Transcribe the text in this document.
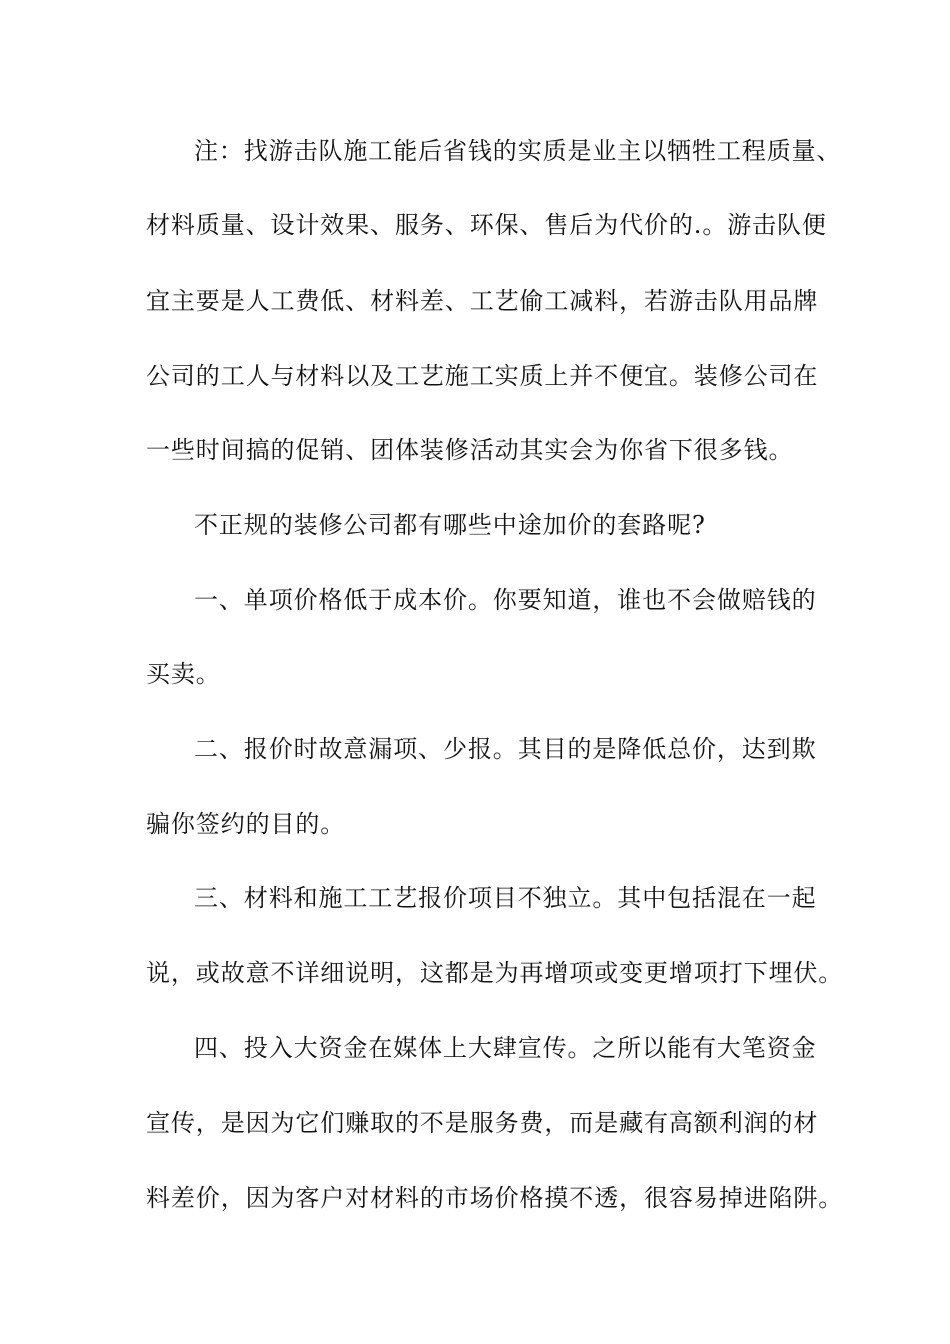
注：找游击队施工能后省钱的实质是业主以牺牲工程质量、
材料质量、设计效果、服务、环保、售后为代价的.。游击队便
宜主要是人工费低、材料差、工艺偷工减料，若游击队用品牌
公司的工人与材料以及工艺施工实质上并不便宜。装修公司在
一些时间搞的促销、团体装修活动其实会为你省下很多钱。
不正规的装修公司都有哪些中途加价的套路呢?
一、单项价格低于成本价。你要知道，谁也不会做赔钱的
买卖。
二、报价时故意漏项、少报。其目的是降低总价，达到欺
骗你签约的目的。
三、材料和施工工艺报价项目不独立。其中包括混在一起
说，或故意不详细说明，这都是为再增项或变更增项打下埋伏。
四、投入大资金在媒体上大肆宣传。之所以能有大笔资金
宣传，是因为它们赚取的不是服务费，而是藏有高额利润的材
料差价，因为客户对材料的市场价格摸不透，很容易掉进陷阱。
